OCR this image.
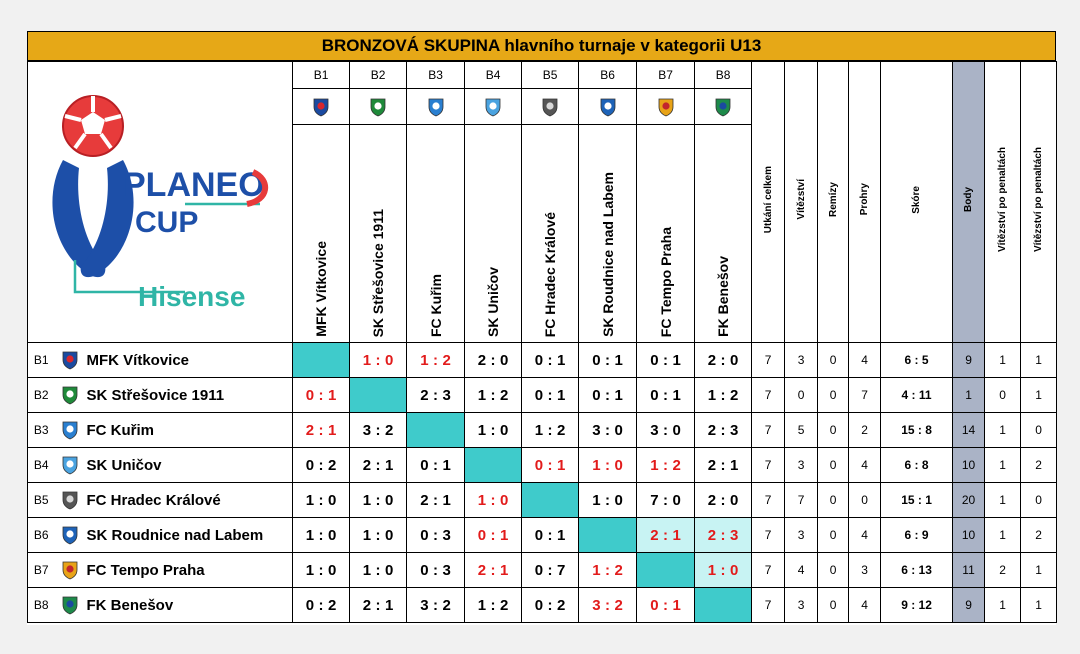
BRONZOVÁ SKUPINA hlavního turnaje v kategorii U13
PLANEO
CUP
Hisense			B1	B2	B3	B4	B5	B6	B7	B8	Utkání celkem	Vítězství	Remízy	Prohry	Skóre	Body	Vítězství po penaltách	Vítězství po penaltách

			MFK Vítkovice	SK Střešovice 1911	FC Kuřim	SK Uničov	FC Hradec Králové	SK Roudnice nad Labem	FC Tempo Praha	FK Benešov								
B1		MFK Vítkovice		1 : 0	1 : 2	2 : 0	0 : 1	0 : 1	0 : 1	2 : 0	7	3	0	4	6 : 5	9	1	1
B2		SK Střešovice 1911	0 : 1		2 : 3	1 : 2	0 : 1	0 : 1	0 : 1	1 : 2	7	0	0	7	4 : 11	1	0	1
B3		FC Kuřim	2 : 1	3 : 2		1 : 0	1 : 2	3 : 0	3 : 0	2 : 3	7	5	0	2	15 : 8	14	1	0
B4		SK Uničov	0 : 2	2 : 1	0 : 1		0 : 1	1 : 0	1 : 2	2 : 1	7	3	0	4	6 : 8	10	1	2
B5		FC Hradec Králové	1 : 0	1 : 0	2 : 1	1 : 0		1 : 0	7 : 0	2 : 0	7	7	0	0	15 : 1	20	1	0
B6		SK Roudnice nad Labem	1 : 0	1 : 0	0 : 3	0 : 1	0 : 1		2 : 1	2 : 3	7	3	0	4	6 : 9	10	1	2
B7		FC Tempo Praha	1 : 0	1 : 0	0 : 3	2 : 1	0 : 7	1 : 2		1 : 0	7	4	0	3	6 : 13	11	2	1
B8		FK Benešov	0 : 2	2 : 1	3 : 2	1 : 2	0 : 2	3 : 2	0 : 1		7	3	0	4	9 : 12	9	1	1
